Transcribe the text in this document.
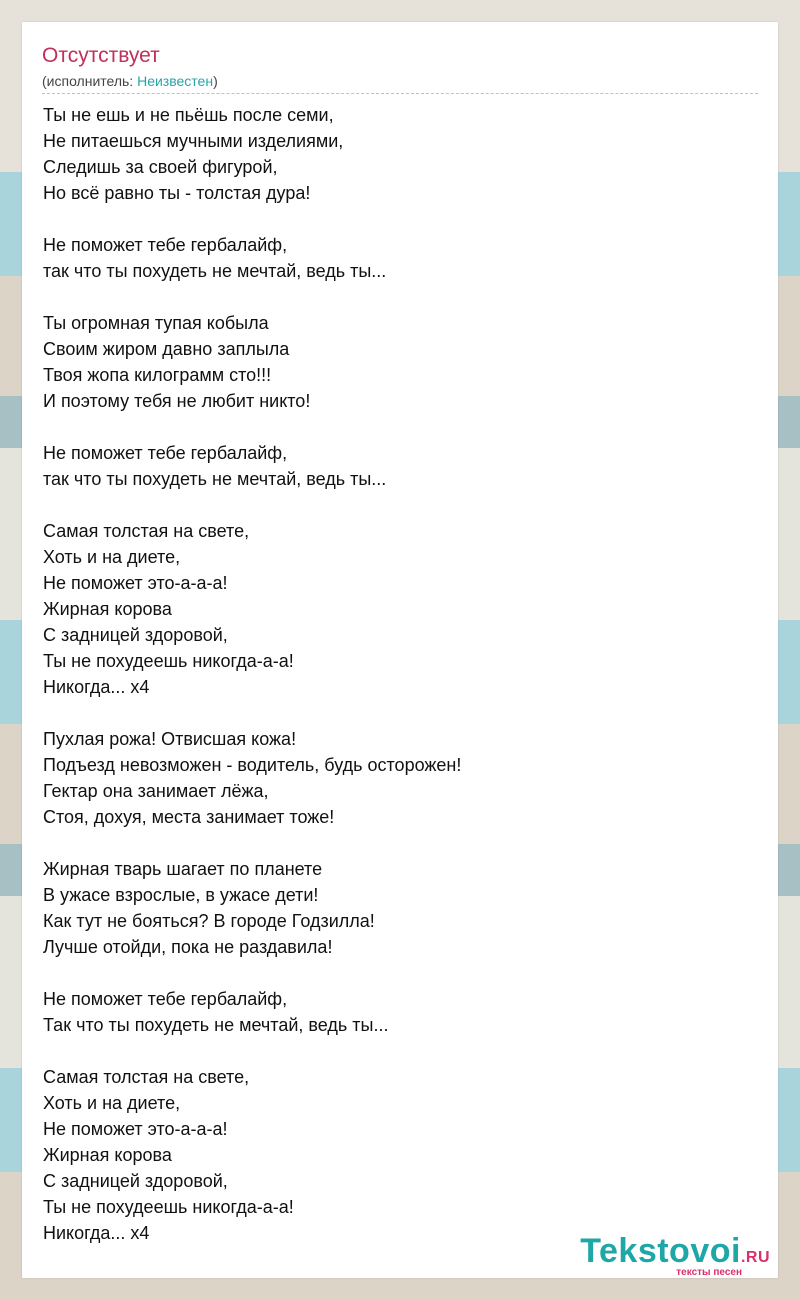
Отсутствует
(исполнитель: Неизвестен)
Ты не ешь и не пьёшь после семи,
Не питаешься мучными изделиями,
Следишь за своей фигурой,
Но всё равно ты - толстая дура!
Не поможет тебе гербалайф,
так что ты похудеть не мечтай, ведь ты...
Ты огромная тупая кобыла
Своим жиром давно заплыла
Твоя жопа килограмм сто!!!
И поэтому тебя не любит никто!
Не поможет тебе гербалайф,
так что ты похудеть не мечтай, ведь ты...
Самая толстая на свете,
Хоть и на диете,
Не поможет это-а-а-а!
Жирная корова
С задницей здоровой,
Ты не похудеешь никогда-а-а!
Никогда... x4
Пухлая рожа! Отвисшая кожа!
Подъезд невозможен - водитель, будь осторожен!
Гектар она занимает лёжа,
Стоя, дохуя, места занимает тоже!
Жирная тварь шагает по планете
В ужасе взрослые, в ужасе дети!
Как тут не бояться? В городе Годзилла!
Лучше отойди, пока не раздавила!
Не поможет тебе гербалайф,
Так что ты похудеть не мечтай, ведь ты...
Самая толстая на свете,
Хоть и на диете,
Не поможет это-а-а-а!
Жирная корова
С задницей здоровой,
Ты не похудеешь никогда-а-а!
Никогда... x4	Tekstovoi.RU
тексты песен
